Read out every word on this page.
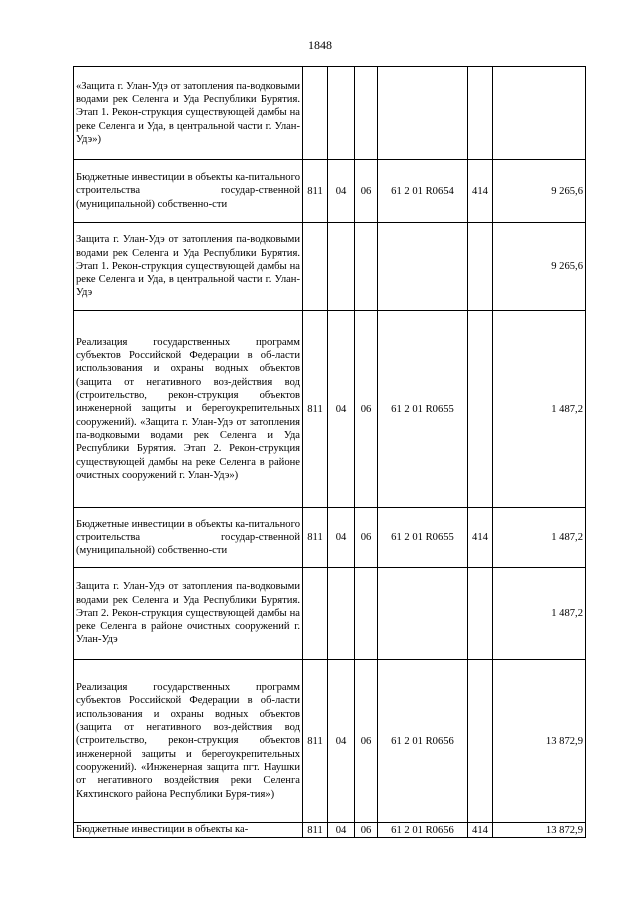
1848
«Защита г. Улан-Удэ от затопления па-водковыми водами рек Селенга и Уда Республики Бурятия. Этап 1. Рекон-струкция существующей дамбы на реке Селенга и Уда, в центральной части г. Улан-Удэ»)						
Бюджетные инвестиции в объекты ка-питального строительства государ-ственной (муниципальной) собственно-сти	811	04	06	61 2 01 R0654	414	9 265,6
Защита г. Улан-Удэ от затопления па-водковыми водами рек Селенга и Уда Республики Бурятия. Этап 1. Рекон-струкция существующей дамбы на реке Селенга и Уда, в центральной части г. Улан-Удэ						9 265,6
Реализация государственных программ субъектов Российской Федерации в об-ласти использования и охраны водных объектов (защита от негативного воз-действия вод (строительство, рекон-струкция объектов инженерной защиты и берегоукрепительных сооружений). «Защита г. Улан-Удэ от затопления па-водковыми водами рек Селенга и Уда Республики Бурятия. Этап 2. Рекон-струкция существующей дамбы на реке Селенга в районе очистных сооружений г. Улан-Удэ»)	811	04	06	61 2 01 R0655		1 487,2
Бюджетные инвестиции в объекты ка-питального строительства государ-ственной (муниципальной) собственно-сти	811	04	06	61 2 01 R0655	414	1 487,2
Защита г. Улан-Удэ от затопления па-водковыми водами рек Селенга и Уда Республики Бурятия. Этап 2. Рекон-струкция существующей дамбы на реке Селенга в районе очистных сооружений г. Улан-Удэ						1 487,2
Реализация государственных программ субъектов Российской Федерации в об-ласти использования и охраны водных объектов (защита от негативного воз-действия вод (строительство, рекон-струкция объектов инженерной защиты и берегоукрепительных сооружений). «Инженерная защита пгт. Наушки от негативного воздействия реки Селенга Кяхтинского района Республики Буря-тия»)	811	04	06	61 2 01 R0656		13 872,9
Бюджетные инвестиции в объекты ка-	811	04	06	61 2 01 R0656	414	13 872,9
